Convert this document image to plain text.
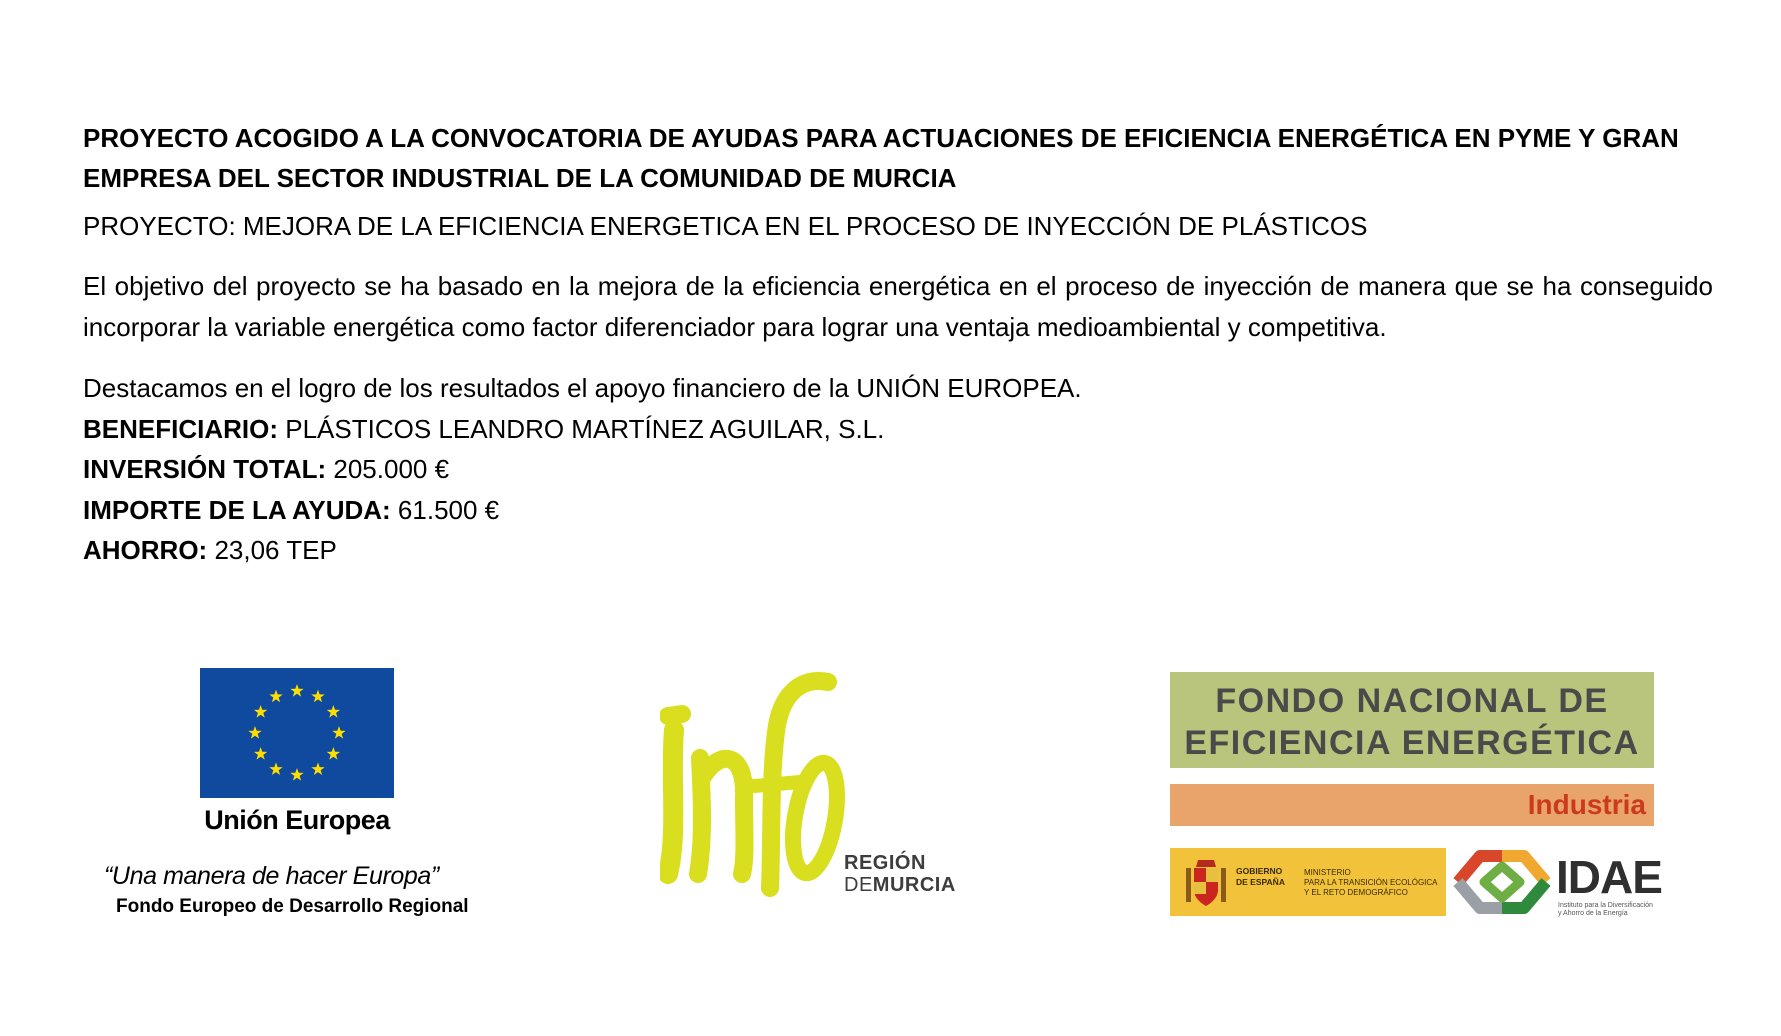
PROYECTO ACOGIDO A LA CONVOCATORIA DE AYUDAS PARA ACTUACIONES DE EFICIENCIA ENERGÉTICA EN PYME Y GRAN EMPRESA DEL SECTOR INDUSTRIAL DE LA COMUNIDAD DE MURCIA

PROYECTO: MEJORA DE LA EFICIENCIA ENERGETICA EN EL PROCESO DE INYECCIÓN DE PLÁSTICOS

El objetivo del proyecto se ha basado en la mejora de la eficiencia energética en el proceso de inyección de manera que se ha conseguido incorporar la variable energética como factor diferenciador para lograr una ventaja medioambiental y competitiva.

Destacamos en el logro de los resultados el apoyo financiero de la UNIÓN EUROPEA.
BENEFICIARIO: PLÁSTICOS LEANDRO MARTÍNEZ AGUILAR, S.L.
INVERSIÓN TOTAL: 205.000 €
IMPORTE DE LA AYUDA: 61.500 €
AHORRO: 23,06 TEP
Unión Europea
“Una manera de hacer Europa”
Fondo Europeo de Desarrollo Regional
REGIÓN
DEMURCIA
FONDO NACIONAL DE
EFICIENCIA ENERGÉTICA
Industria
GOBIERNO
DE ESPAÑA
MINISTERIO
PARA LA TRANSICIÓN ECOLÓGICA
Y EL RETO DEMOGRÁFICO	IDAE
Instituto para la Diversificación
y Ahorro de la Energía
